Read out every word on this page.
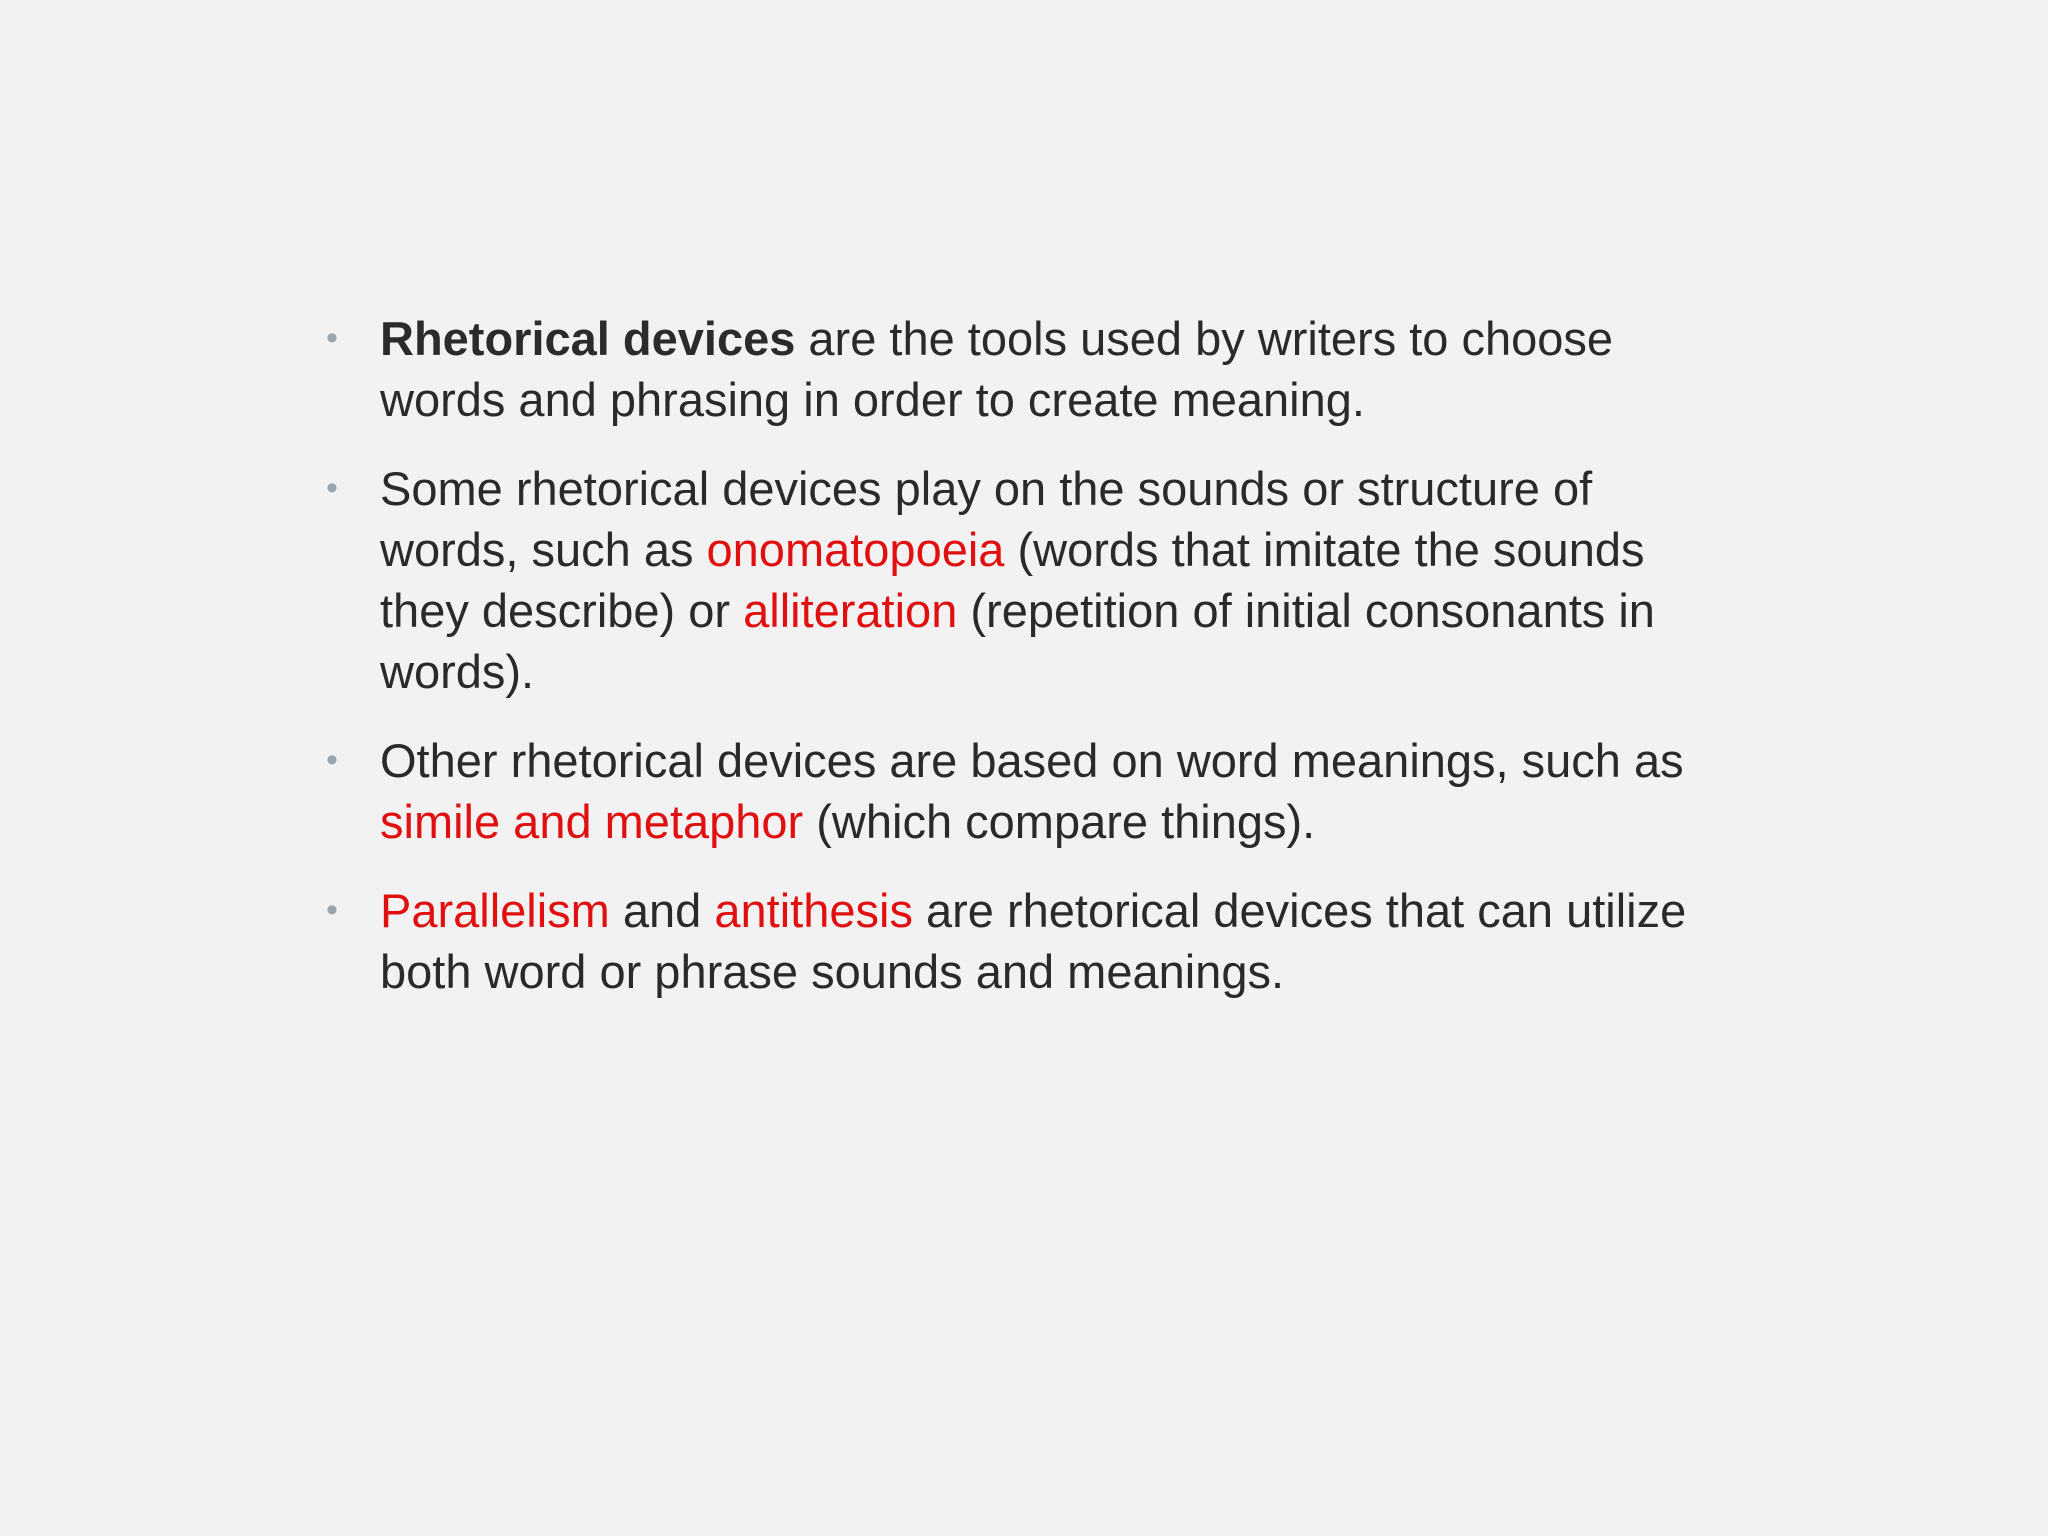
• Rhetorical devices are the tools used by writers to choose words and phrasing in order to create meaning.
• Some rhetorical devices play on the sounds or structure of words, such as onomatopoeia (words that imitate the sounds they describe) or alliteration (repetition of initial consonants in words).
• Other rhetorical devices are based on word meanings, such as simile and metaphor (which compare things).
• Parallelism and antithesis are rhetorical devices that can utilize both word or phrase sounds and meanings.
